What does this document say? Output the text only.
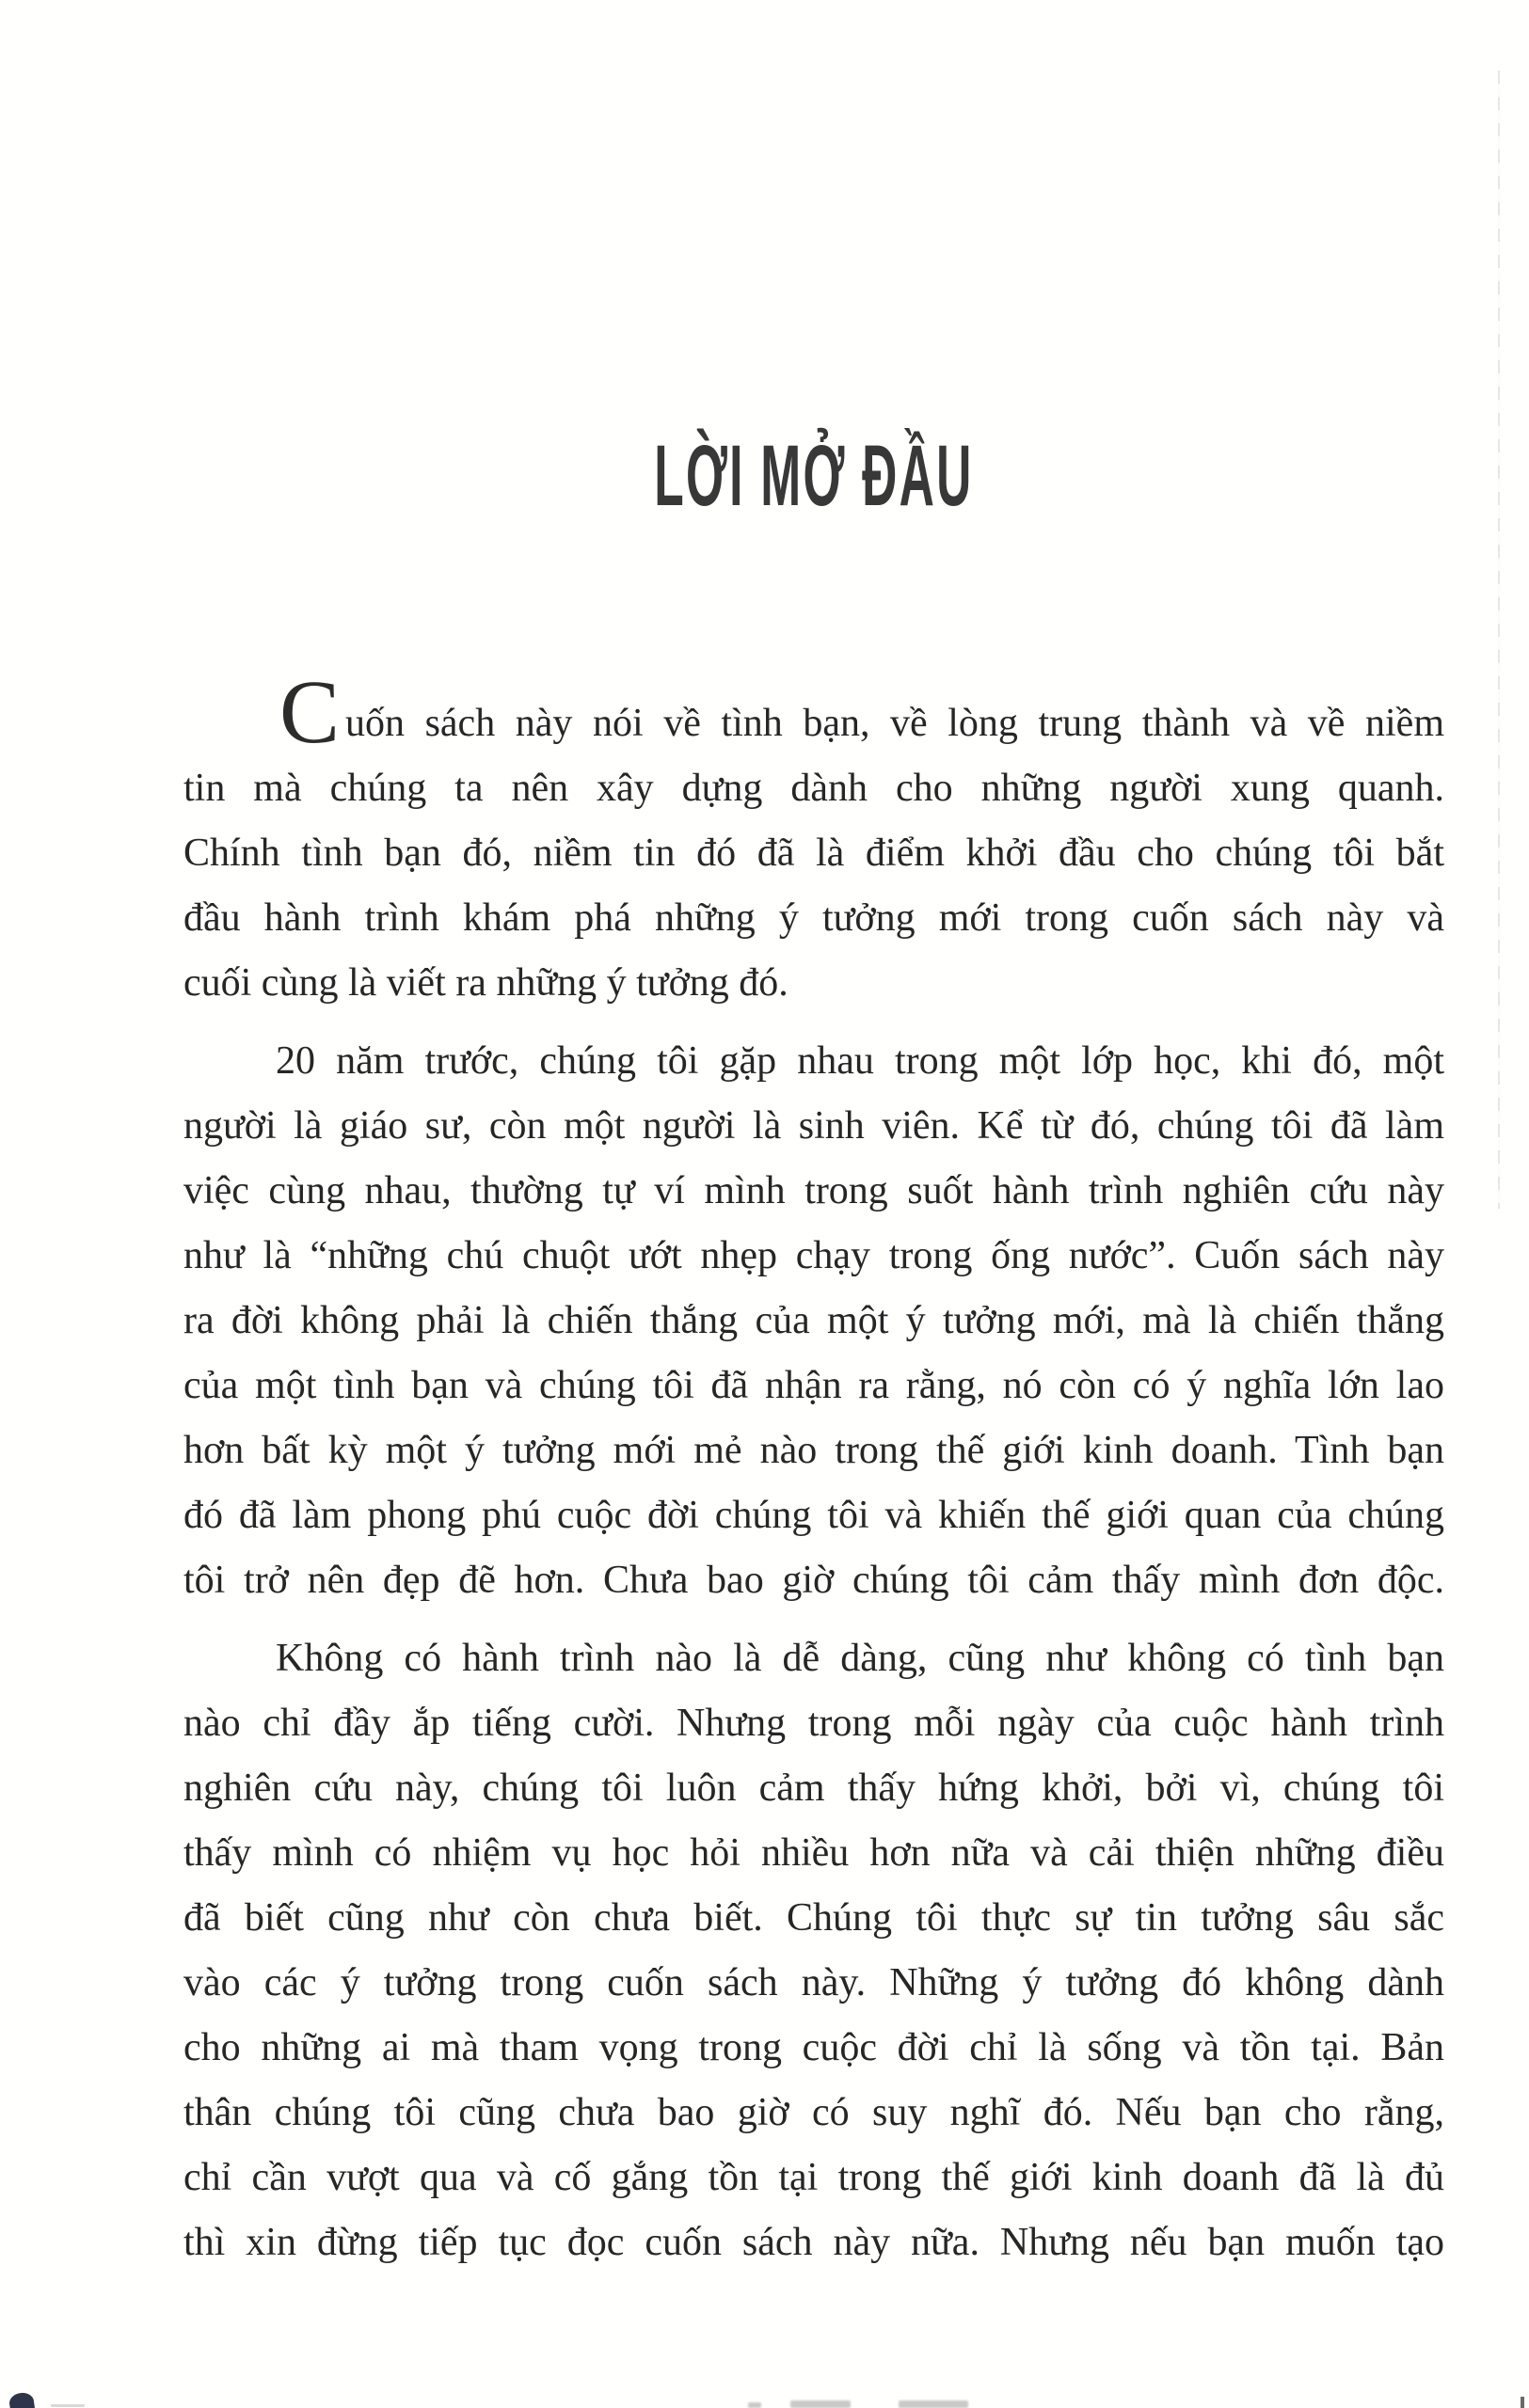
LỜI MỞ ĐẦU
C uốn sách này nói về tình bạn, về lòng trung thành và về niềm
tin mà chúng ta nên xây dựng dành cho những người xung quanh.
Chính tình bạn đó, niềm tin đó đã là điểm khởi đầu cho chúng tôi bắt
đầu hành trình khám phá những ý tưởng mới trong cuốn sách này và
cuối cùng là viết ra những ý tưởng đó.
20 năm trước, chúng tôi gặp nhau trong một lớp học, khi đó, một
người là giáo sư, còn một người là sinh viên. Kể từ đó, chúng tôi đã làm
việc cùng nhau, thường tự ví mình trong suốt hành trình nghiên cứu này
như là “những chú chuột ướt nhẹp chạy trong ống nước”. Cuốn sách này
ra đời không phải là chiến thắng của một ý tưởng mới, mà là chiến thắng
của một tình bạn và chúng tôi đã nhận ra rằng, nó còn có ý nghĩa lớn lao
hơn bất kỳ một ý tưởng mới mẻ nào trong thế giới kinh doanh. Tình bạn
đó đã làm phong phú cuộc đời chúng tôi và khiến thế giới quan của chúng
tôi trở nên đẹp đẽ hơn. Chưa bao giờ chúng tôi cảm thấy mình đơn độc.
Không có hành trình nào là dễ dàng, cũng như không có tình bạn
nào chỉ đầy ắp tiếng cười. Nhưng trong mỗi ngày của cuộc hành trình
nghiên cứu này, chúng tôi luôn cảm thấy hứng khởi, bởi vì, chúng tôi
thấy mình có nhiệm vụ học hỏi nhiều hơn nữa và cải thiện những điều
đã biết cũng như còn chưa biết. Chúng tôi thực sự tin tưởng sâu sắc
vào các ý tưởng trong cuốn sách này. Những ý tưởng đó không dành
cho những ai mà tham vọng trong cuộc đời chỉ là sống và tồn tại. Bản
thân chúng tôi cũng chưa bao giờ có suy nghĩ đó. Nếu bạn cho rằng,
chỉ cần vượt qua và cố gắng tồn tại trong thế giới kinh doanh đã là đủ
thì xin đừng tiếp tục đọc cuốn sách này nữa. Nhưng nếu bạn muốn tạo
